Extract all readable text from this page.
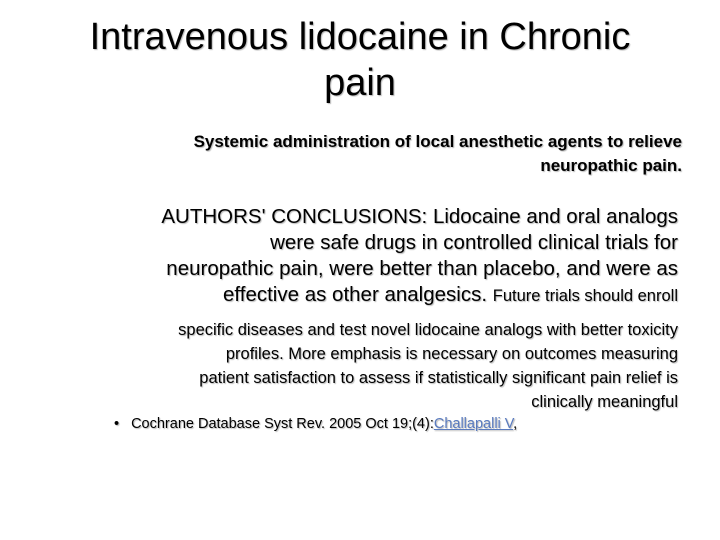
Intravenous lidocaine in Chronic
pain
Systemic administration of local anesthetic agents to relieve
neuropathic pain.
AUTHORS' CONCLUSIONS: Lidocaine and oral analogs
were safe drugs in controlled clinical trials for
neuropathic pain, were better than placebo, and were as
effective as other analgesics. Future trials should enroll
specific diseases and test novel lidocaine analogs with better toxicity
profiles. More emphasis is necessary on outcomes measuring
patient satisfaction to assess if statistically significant pain relief is
clinically meaningful
• Cochrane Database Syst Rev. 2005 Oct 19;(4):Challapalli V,
